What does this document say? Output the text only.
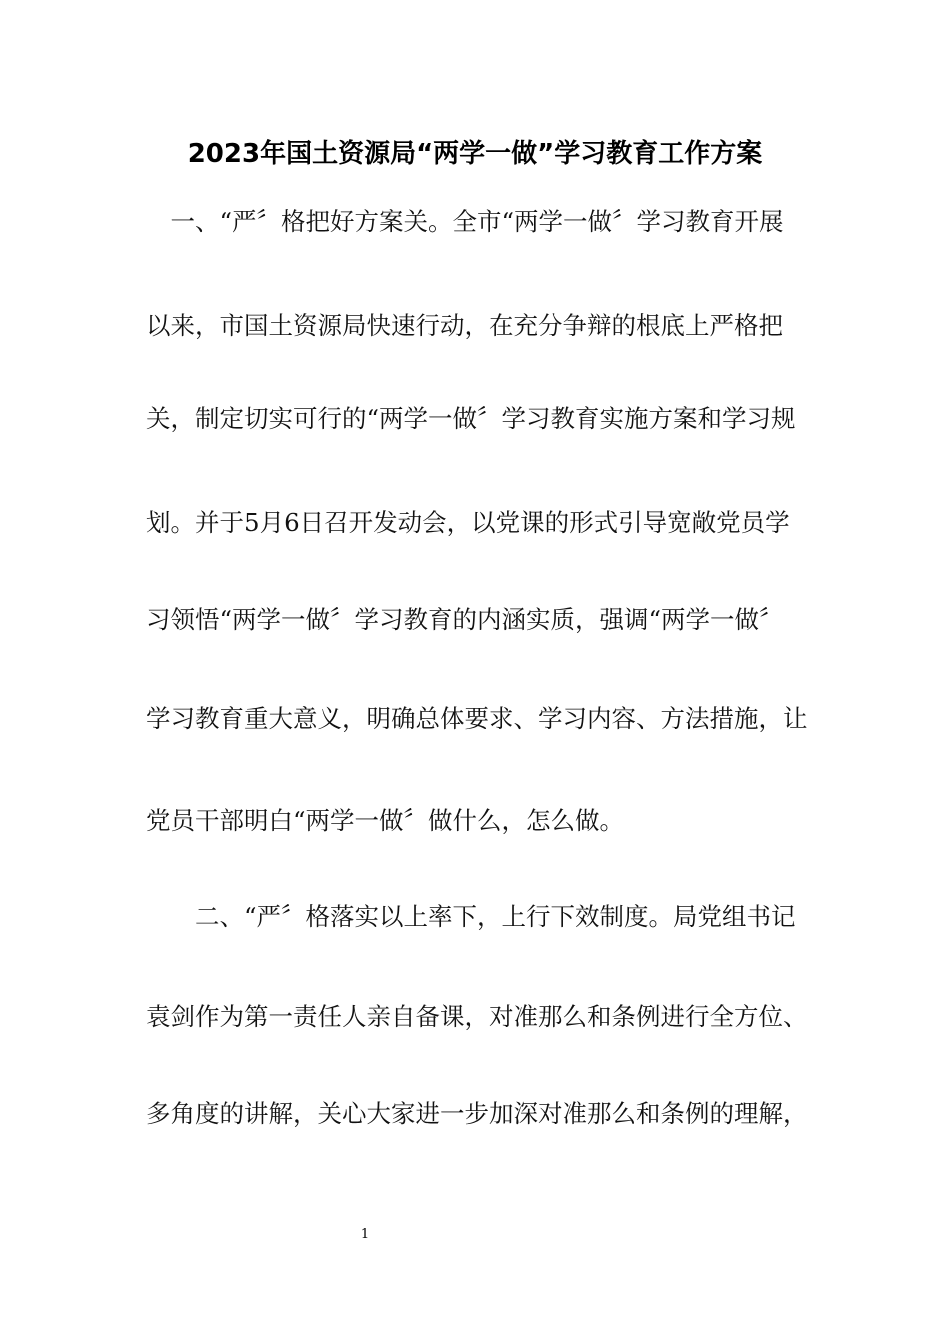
2023年国土资源局“两学一做”学习教育工作方案
　一、“严〞格把好方案关。全市“两学一做〞学习教育开展
以来，市国土资源局快速行动，在充分争辩的根底上严格把
关，制定切实可行的“两学一做〞学习教育实施方案和学习规
划。并于5月6日召开发动会，以党课的形式引导宽敞党员学
习领悟“两学一做〞学习教育的内涵实质，强调“两学一做〞
学习教育重大意义，明确总体要求、学习内容、方法措施，让
党员干部明白“两学一做〞做什么，怎么做。
　　二、“严〞格落实以上率下，上行下效制度。局党组书记
袁剑作为第一责任人亲自备课，对准那么和条例进行全方位、
多角度的讲解，关心大家进一步加深对准那么和条例的理解，
1
